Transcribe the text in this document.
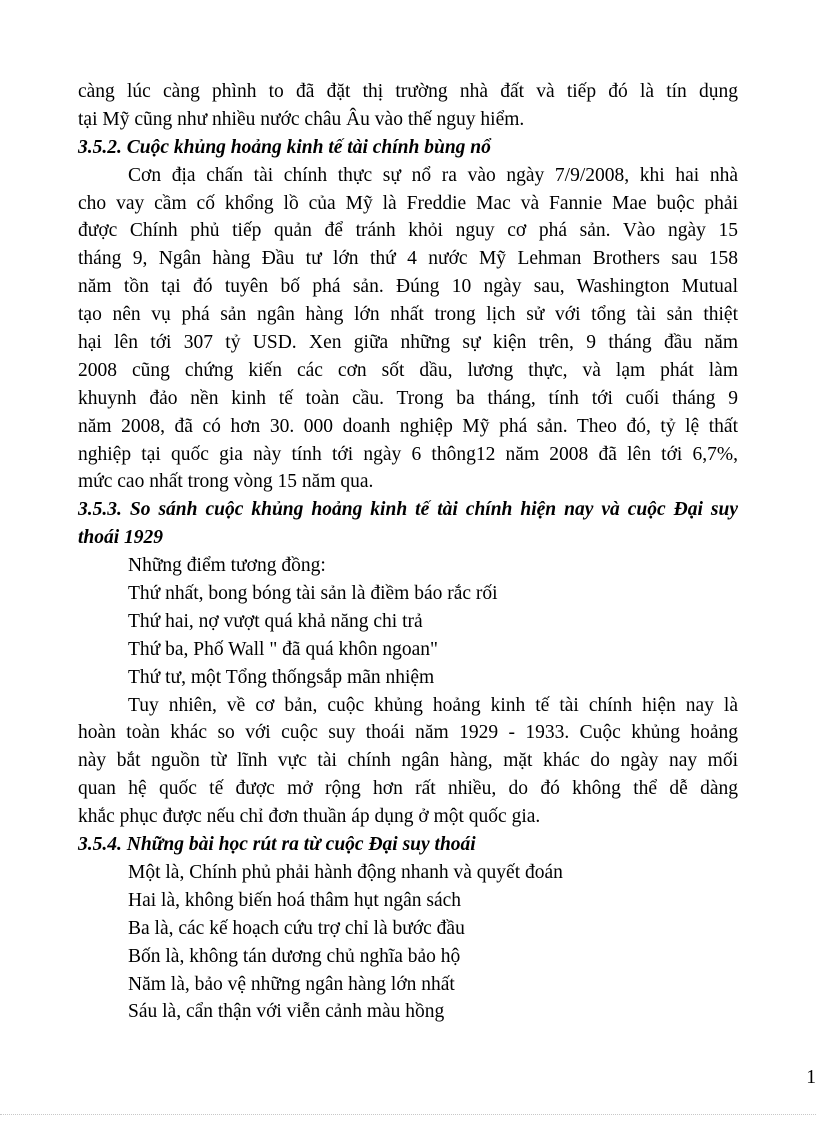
càng lúc càng phình to đã đặt thị trường nhà đất và tiếp đó là tín dụng
tại Mỹ cũng như nhiều nước châu Âu vào thế nguy hiểm.
3.5.2. Cuộc khủng hoảng kinh tế tài chính bùng nổ
Cơn địa chấn tài chính thực sự nổ ra vào ngày 7/9/2008, khi hai nhà
cho vay cầm cố khổng lồ của Mỹ là Freddie Mac và Fannie Mae buộc phải
được Chính phủ tiếp quản để tránh khỏi nguy cơ phá sản. Vào ngày 15
tháng 9, Ngân hàng Đầu tư lớn thứ 4 nước Mỹ Lehman Brothers sau 158
năm tồn tại đó tuyên bố phá sản. Đúng 10 ngày sau, Washington Mutual
tạo nên vụ phá sản ngân hàng lớn nhất trong lịch sử với tổng tài sản thiệt
hại lên tới 307 tỷ USD. Xen giữa những sự kiện trên, 9 tháng đầu năm
2008 cũng chứng kiến các cơn sốt dầu, lương thực, và lạm phát làm
khuynh đảo nền kinh tế toàn cầu. Trong ba tháng, tính tới cuối tháng 9
năm 2008, đã có hơn 30. 000 doanh nghiệp Mỹ phá sản. Theo đó, tỷ lệ thất
nghiệp tại quốc gia này tính tới ngày 6 thông12 năm 2008 đã lên tới 6,7%,
mức cao nhất trong vòng 15 năm qua.
3.5.3. So sánh cuộc khủng hoảng kinh tế tài chính hiện nay và cuộc Đại suy
thoái 1929
Những điểm tương đồng:
Thứ nhất, bong bóng tài sản là điềm báo rắc rối
Thứ hai, nợ vượt quá khả năng chi trả
Thứ ba, Phố Wall " đã quá khôn ngoan"
Thứ tư, một Tổng thốngsắp mãn nhiệm
Tuy nhiên, về cơ bản, cuộc khủng hoảng kinh tế tài chính hiện nay là
hoàn toàn khác so với cuộc suy thoái năm 1929 - 1933. Cuộc khủng hoảng
này bắt nguồn từ lĩnh vực tài chính ngân hàng, mặt khác do ngày nay mối
quan hệ quốc tế được mở rộng hơn rất nhiều, do đó không thể dễ dàng
khắc phục được nếu chỉ đơn thuần áp dụng ở một quốc gia.
3.5.4. Những bài học rút ra từ cuộc Đại suy thoái
Một là, Chính phủ phải hành động nhanh và quyết đoán
Hai là, không biến hoá thâm hụt ngân sách
Ba là, các kế hoạch cứu trợ chỉ là bước đầu
Bốn là, không tán dương chủ nghĩa bảo hộ
Năm là, bảo vệ những ngân hàng lớn nhất
Sáu là, cẩn thận với viễn cảnh màu hồng
1
